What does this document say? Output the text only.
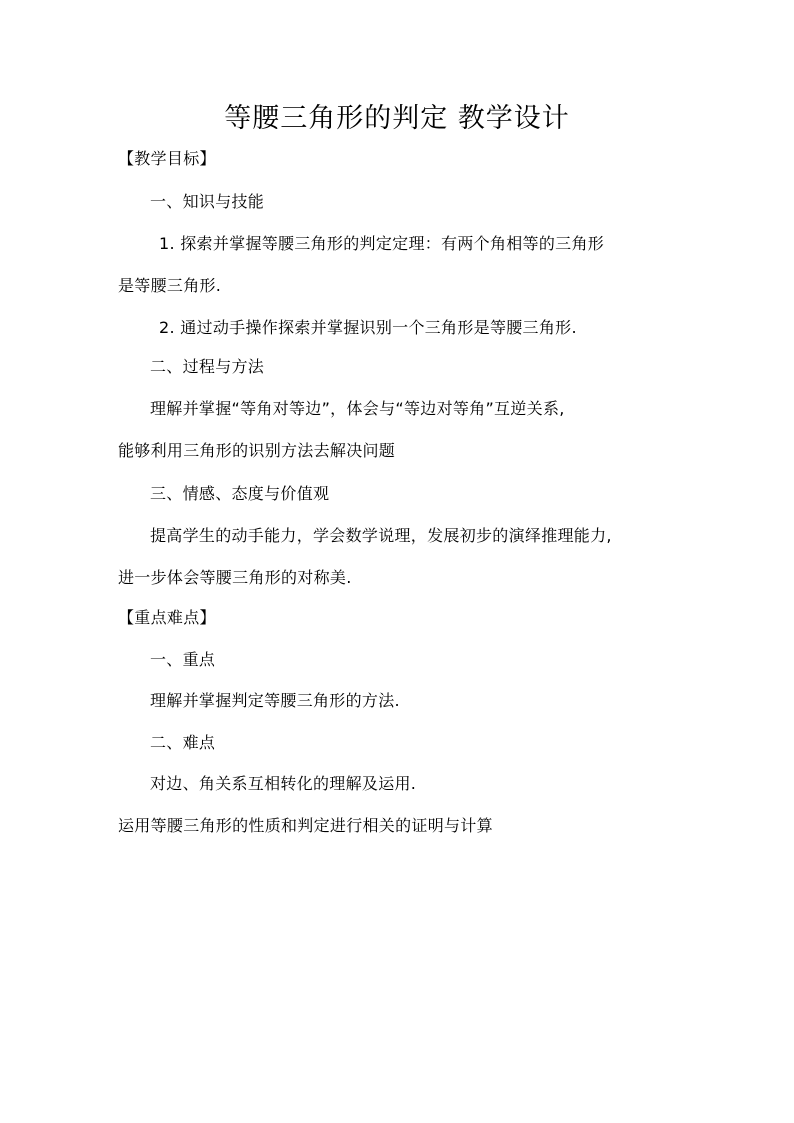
等腰三角形的判定 教学设计
【教学目标】
一、知识与技能
1. 探索并掌握等腰三角形的判定定理：有两个角相等的三角形
是等腰三角形.
2. 通过动手操作探索并掌握识别一个三角形是等腰三角形.
二、过程与方法
理解并掌握“等角对等边”，体会与“等边对等角”互逆关系,
能够利用三角形的识别方法去解决问题
三、情感、态度与价值观
提高学生的动手能力，学会数学说理，发展初步的演绎推理能力,
进一步体会等腰三角形的对称美.
【重点难点】
一、重点
理解并掌握判定等腰三角形的方法.
二、难点
对边、角关系互相转化的理解及运用.
运用等腰三角形的性质和判定进行相关的证明与计算
